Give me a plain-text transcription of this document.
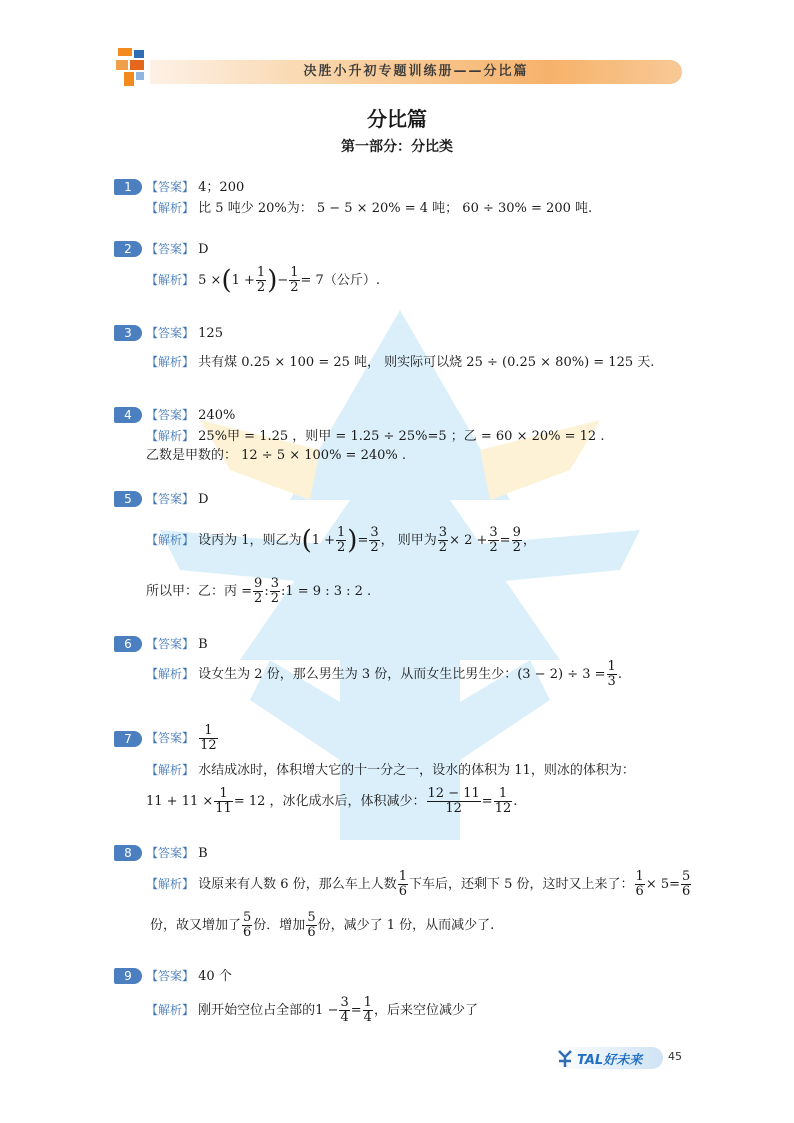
决胜小升初专题训练册——分比篇
分比篇
第一部分：分比类
1	【答案】 4；200
【解析】 比 5 吨少 20%为： 5 − 5 × 20% = 4 吨； 60 ÷ 30% = 200 吨.
2	【答案】 D
【解析】 $5 \times(1 + \frac{1}{2}$ )− $\frac{1}{2} = 7$（公斤）.
3	【答案】 125
【解析】 共有煤 0.25 × 100 = 25 吨， 则实际可以烧 25 ÷ (0.25 × 80%) = 125 天.
4	【答案】 240%
【解析】 25%甲 = 1.25 ，则甲 = 1.25 ÷ 25%=5 ；乙 = 60 × 20% = 12 .
乙数是甲数的： 12 ÷ 5 × 100% = 240% .
5	【答案】 D
【解析】 设丙为 1，则乙为($1 + \frac{1}{2}$ )= $\frac{3}{2}$ ， 则甲为 $\frac{3}{2} \times 2 + \frac{3}{2} = \frac{9}{2}$ ，
所以甲：乙：丙 = $\frac{9}{2}$ : $\frac{3}{2}$ :1 = 9 : 3 : 2 .
6	【答案】 B
【解析】 设女生为 2 份，那么男生为 3 份，从而女生比男生少：$(3 - 2) \div 3 = \frac{1}{3}$ .
7	【答案】 $\frac{1}{12}$
【解析】 水结成冰时，体积增大它的十一分之一，设水的体积为 11，则冰的体积为：
$11 + 11 \times \frac{1}{11} = 12$ ，冰化成水后，体积减少： $\frac{12 - 11}{12} = \frac{1}{12}$ .
8	【答案】 B
【解析】 设原来有人数 6 份，那么车上人数 $\frac{1}{6}$ 下车后，还剩下 5 份，这时又上来了： $\frac{1}{6} \times 5= \frac{5}{6}$
份，故又增加了 $\frac{5}{6}$ 份．增加 $\frac{5}{6}$ 份，减少了 1 份，从而减少了.
9	【答案】 40 个
【解析】 刚开始空位占全部的$1 - \frac{3}{4} = \frac{1}{4}$ ，后来空位减少了
TAL好未来 45
